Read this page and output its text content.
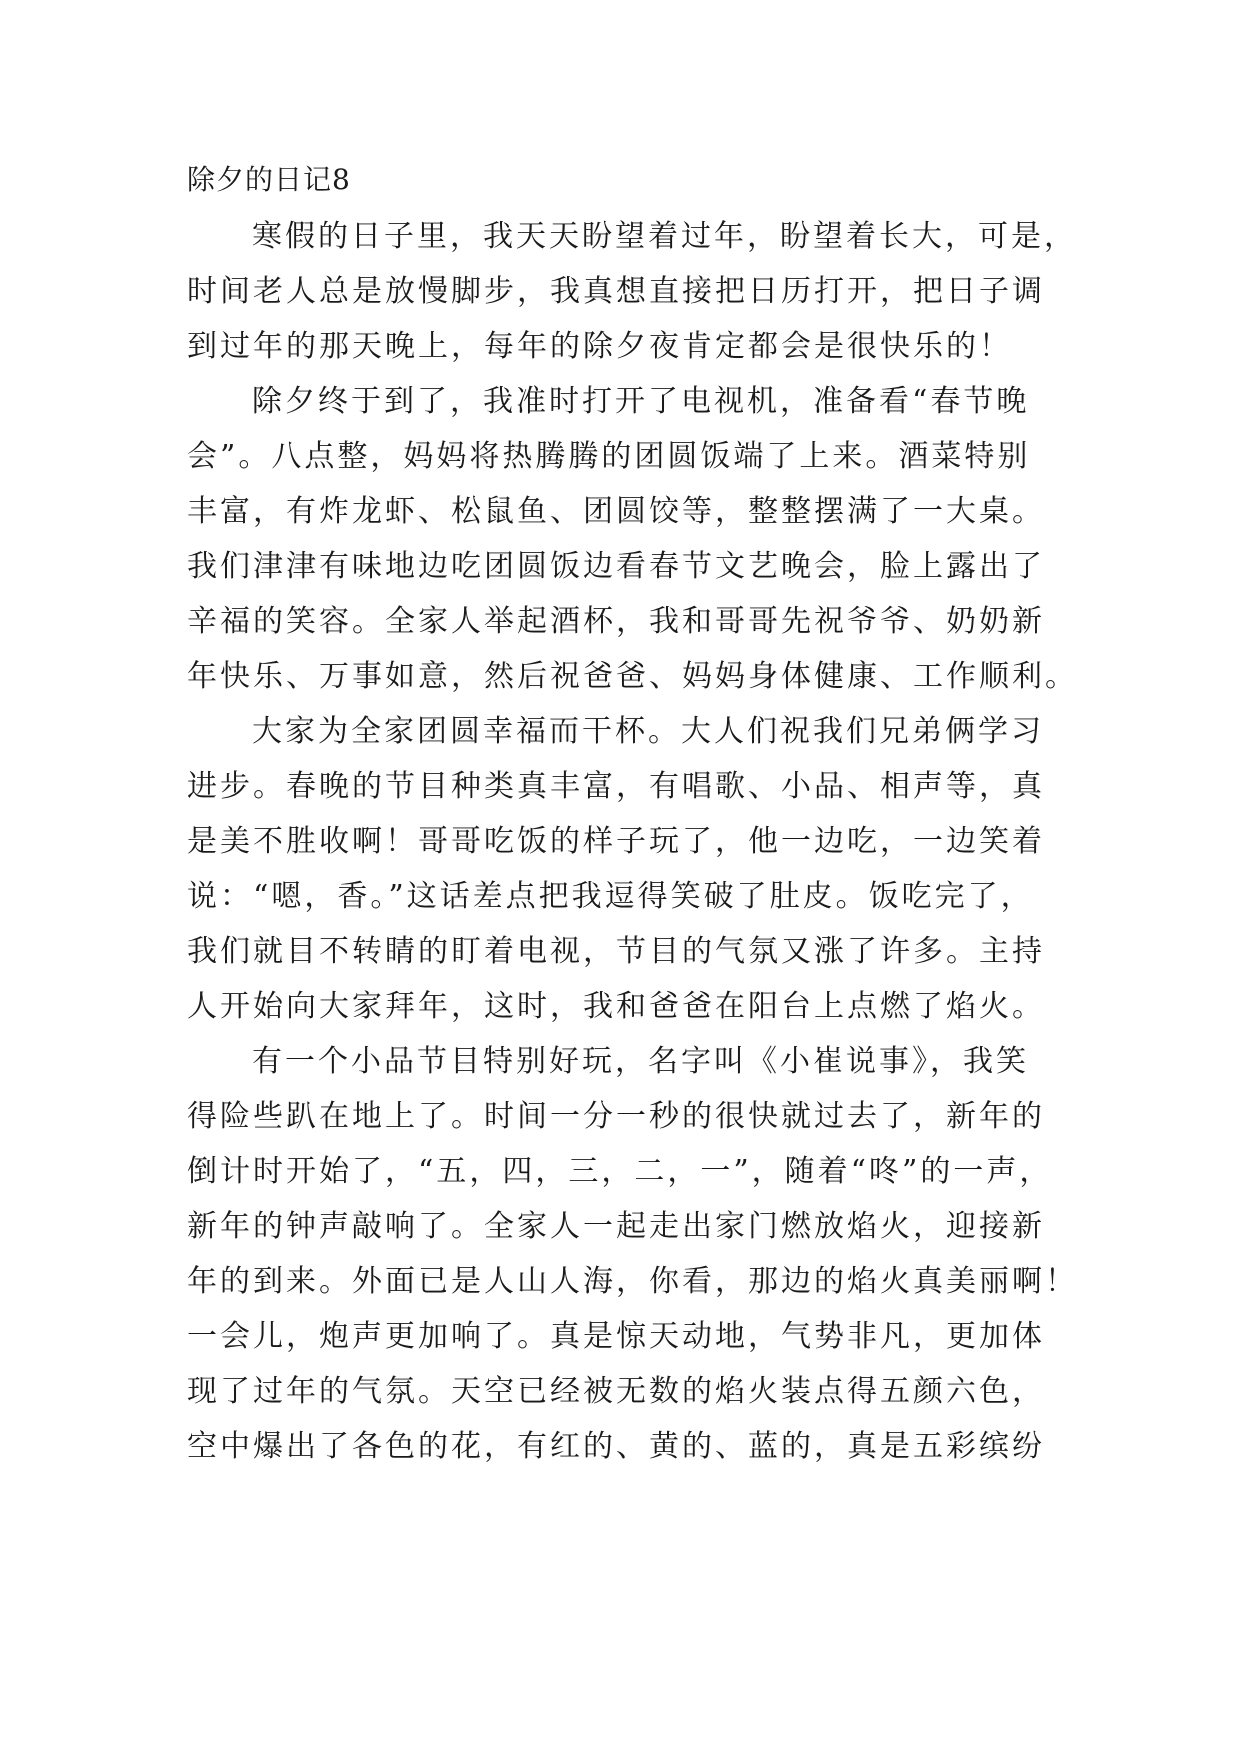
除夕的日记8
寒假的日子里，我天天盼望着过年，盼望着长大，可是，
时间老人总是放慢脚步，我真想直接把日历打开，把日子调
到过年的那天晚上，每年的除夕夜肯定都会是很快乐的！
除夕终于到了，我准时打开了电视机，准备看“春节晚
会”。八点整，妈妈将热腾腾的团圆饭端了上来。酒菜特别
丰富，有炸龙虾、松鼠鱼、团圆饺等，整整摆满了一大桌。
我们津津有味地边吃团圆饭边看春节文艺晚会，脸上露出了
辛福的笑容。全家人举起酒杯，我和哥哥先祝爷爷、奶奶新
年快乐、万事如意，然后祝爸爸、妈妈身体健康、工作顺利。
大家为全家团圆幸福而干杯。大人们祝我们兄弟俩学习
进步。春晚的节目种类真丰富，有唱歌、小品、相声等，真
是美不胜收啊！哥哥吃饭的样子玩了，他一边吃，一边笑着
说：“嗯，香。”这话差点把我逗得笑破了肚皮。饭吃完了，
我们就目不转睛的盯着电视，节目的气氛又涨了许多。主持
人开始向大家拜年，这时，我和爸爸在阳台上点燃了焰火。
有一个小品节目特别好玩，名字叫《小崔说事》，我笑
得险些趴在地上了。时间一分一秒的很快就过去了，新年的
倒计时开始了，“五，四，三，二，一”，随着“咚”的一声，
新年的钟声敲响了。全家人一起走出家门燃放焰火，迎接新
年的到来。外面已是人山人海，你看，那边的焰火真美丽啊！
一会儿，炮声更加响了。真是惊天动地，气势非凡，更加体
现了过年的气氛。天空已经被无数的焰火装点得五颜六色，
空中爆出了各色的花，有红的、黄的、蓝的，真是五彩缤纷
